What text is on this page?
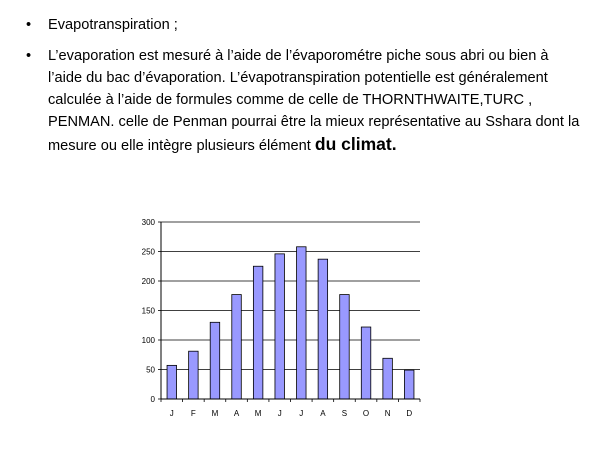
•	Evapotranspiration ;
•	L’evaporation est mesuré à l’aide de l’évaporométre piche sous abri ou bien à l’aide du bac d’évaporation. L’évapotranspiration potentielle est généralement calculée à l’aide de formules comme de celle de THORNTHWAITE,TURC , PENMAN. celle de Penman pourrai être la mieux représentative au Sshara dont la mesure ou elle intègre plusieurs élément du climat.
0
50
100
150
200
250
300
J F M A M J J A S O N D
